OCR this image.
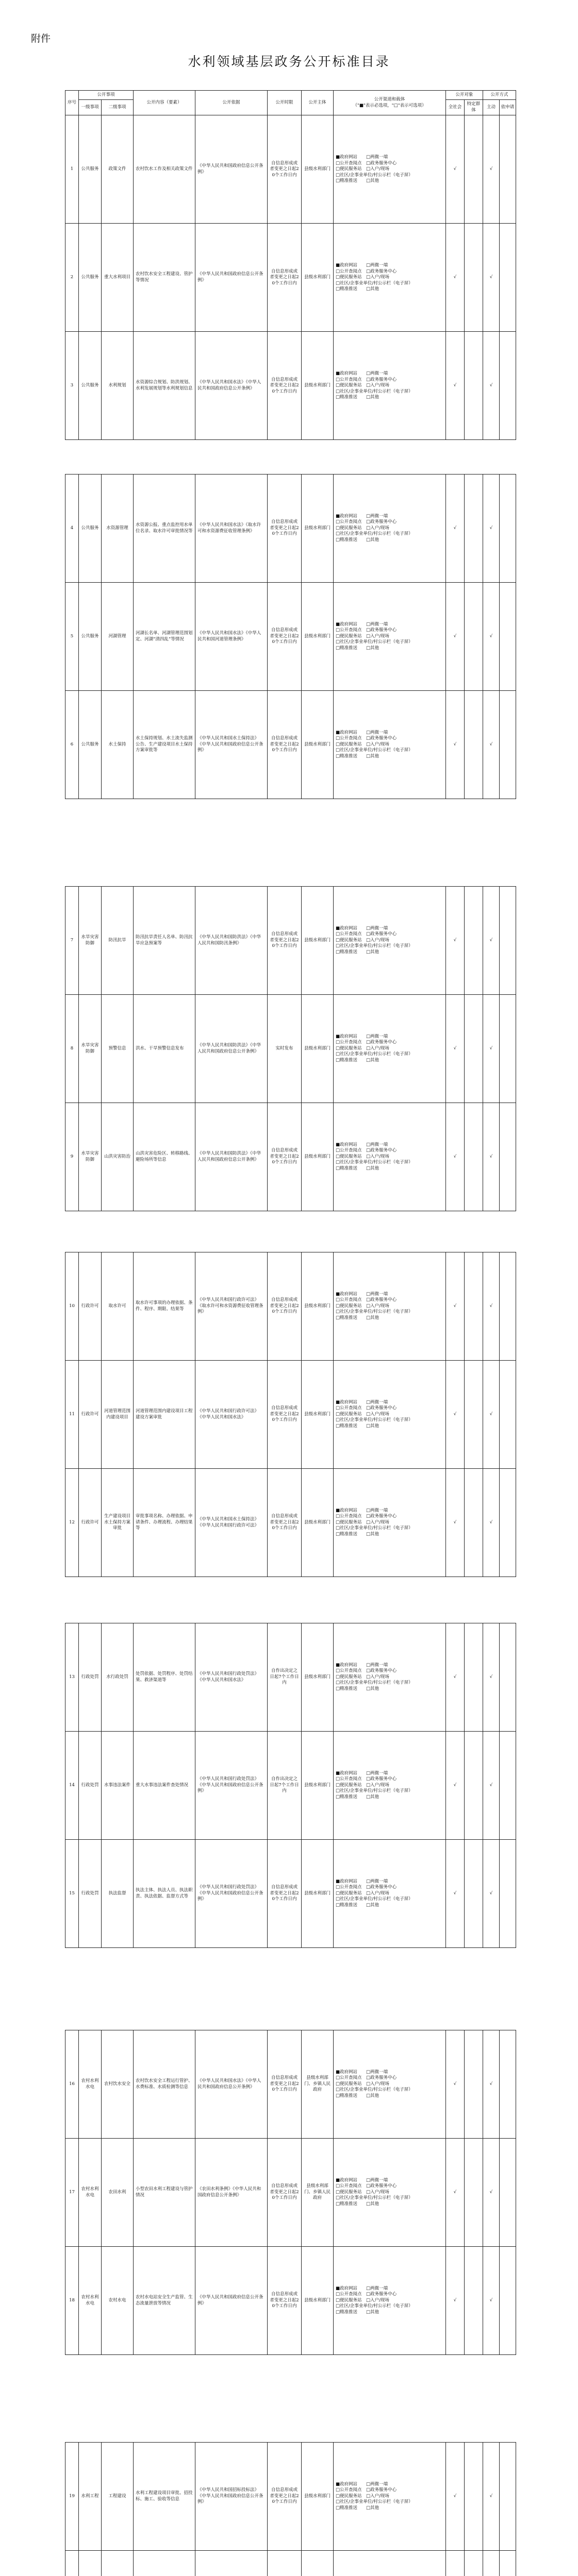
附件
水利领域基层政务公开标准目录
序号	公开事项		公开内容（要素）	公开依据	公开时限	公开主体	公开渠道和载体
（"■"表示必选项，"□"表示可选项）	公开对象		公开方式	
	一级事项	二级事项						全社会	特定群体	主动	依申请
1	公共服务	政策文件	农村饮水工作及相关政策文件	《中华人民共和国政府信息公开条例》	自信息形成或者变更之日起20个工作日内	县级水利部门	■政府网站　　□两微一端
□公开查阅点　□政务服务中心
□便民服务站　□入户/现场
□社区/企事业单位/村公示栏（电子屏）
□精准推送　　□其他	√		√	
2	公共服务	重大水利项目	农村饮水安全工程建设、管护等情况	《中华人民共和国政府信息公开条例》	自信息形成或者变更之日起20个工作日内	县级水利部门	■政府网站　　□两微一端
□公开查阅点　□政务服务中心
□便民服务站　□入户/现场
□社区/企事业单位/村公示栏（电子屏）
□精准推送　　□其他	√		√	
3	公共服务	水利规划	水资源综合规划、防洪规划、水利发展规划等水利规划信息	《中华人民共和国水法》《中华人民共和国政府信息公开条例》	自信息形成或者变更之日起20个工作日内	县级水利部门	■政府网站　　□两微一端
□公开查阅点　□政务服务中心
□便民服务站　□入户/现场
□社区/企事业单位/村公示栏（电子屏）
□精准推送　　□其他	√		√	
4	公共服务	水资源管理	水资源公报、重点监控用水单位名录、取水许可审批情况等	《中华人民共和国水法》《取水许可和水资源费征收管理条例》	自信息形成或者变更之日起20个工作日内	县级水利部门	■政府网站　　□两微一端
□公开查阅点　□政务服务中心
□便民服务站　□入户/现场
□社区/企事业单位/村公示栏（电子屏）
□精准推送　　□其他	√		√	
5	公共服务	河湖管理	河湖长名单、河湖管理范围划定、河湖“清四乱”等情况	《中华人民共和国水法》《中华人民共和国河道管理条例》	自信息形成或者变更之日起20个工作日内	县级水利部门	■政府网站　　□两微一端
□公开查阅点　□政务服务中心
□便民服务站　□入户/现场
□社区/企事业单位/村公示栏（电子屏）
□精准推送　　□其他	√		√	
6	公共服务	水土保持	水土保持规划、水土流失监测公告、生产建设项目水土保持方案审批等	《中华人民共和国水土保持法》《中华人民共和国政府信息公开条例》	自信息形成或者变更之日起20个工作日内	县级水利部门	■政府网站　　□两微一端
□公开查阅点　□政务服务中心
□便民服务站　□入户/现场
□社区/企事业单位/村公示栏（电子屏）
□精准推送　　□其他	√		√	
7	水旱灾害防御	防汛抗旱	防汛抗旱责任人名单、防汛抗旱应急预案等	《中华人民共和国防洪法》《中华人民共和国防汛条例》	自信息形成或者变更之日起20个工作日内	县级水利部门	■政府网站　　□两微一端
□公开查阅点　□政务服务中心
□便民服务站　□入户/现场
□社区/企事业单位/村公示栏（电子屏）
□精准推送　　□其他	√		√	
8	水旱灾害防御	预警信息	洪水、干旱预警信息发布	《中华人民共和国防洪法》《中华人民共和国政府信息公开条例》	实时发布	县级水利部门	■政府网站　　□两微一端
□公开查阅点　□政务服务中心
□便民服务站　□入户/现场
□社区/企事业单位/村公示栏（电子屏）
□精准推送　　□其他	√		√	
9	水旱灾害防御	山洪灾害防治	山洪灾害危险区、转移路线、避险场所等信息	《中华人民共和国防洪法》《中华人民共和国政府信息公开条例》	自信息形成或者变更之日起20个工作日内	县级水利部门	■政府网站　　□两微一端
□公开查阅点　□政务服务中心
□便民服务站　□入户/现场
□社区/企事业单位/村公示栏（电子屏）
□精准推送　　□其他	√		√	
10	行政许可	取水许可	取水许可事项的办理依据、条件、程序、期限、结果等	《中华人民共和国行政许可法》《取水许可和水资源费征收管理条例》	自信息形成或者变更之日起20个工作日内	县级水利部门	■政府网站　　□两微一端
□公开查阅点　□政务服务中心
□便民服务站　□入户/现场
□社区/企事业单位/村公示栏（电子屏）
□精准推送　　□其他	√		√	
11	行政许可	河道管理范围内建设项目	河道管理范围内建设项目工程建设方案审批	《中华人民共和国行政许可法》《中华人民共和国水法》	自信息形成或者变更之日起20个工作日内	县级水利部门	■政府网站　　□两微一端
□公开查阅点　□政务服务中心
□便民服务站　□入户/现场
□社区/企事业单位/村公示栏（电子屏）
□精准推送　　□其他	√		√	
12	行政许可	生产建设项目水土保持方案审批	审批事项名称、办理依据、申请条件、办理流程、办理结果等	《中华人民共和国水土保持法》《中华人民共和国行政许可法》	自信息形成或者变更之日起20个工作日内	县级水利部门	■政府网站　　□两微一端
□公开查阅点　□政务服务中心
□便民服务站　□入户/现场
□社区/企事业单位/村公示栏（电子屏）
□精准推送　　□其他	√		√	
13	行政处罚	水行政处罚	处罚依据、处罚程序、处罚结果、救济渠道等	《中华人民共和国行政处罚法》《中华人民共和国水法》	自作出决定之日起7个工作日内	县级水利部门	■政府网站　　□两微一端
□公开查阅点　□政务服务中心
□便民服务站　□入户/现场
□社区/企事业单位/村公示栏（电子屏）
□精准推送　　□其他	√		√	
14	行政处罚	水事违法案件	重大水事违法案件查处情况	《中华人民共和国行政处罚法》《中华人民共和国政府信息公开条例》	自作出决定之日起7个工作日内	县级水利部门	■政府网站　　□两微一端
□公开查阅点　□政务服务中心
□便民服务站　□入户/现场
□社区/企事业单位/村公示栏（电子屏）
□精准推送　　□其他	√		√	
15	行政处罚	执法监督	执法主体、执法人员、执法职责、执法依据、监督方式等	《中华人民共和国行政处罚法》《中华人民共和国政府信息公开条例》	自信息形成或者变更之日起20个工作日内	县级水利部门	■政府网站　　□两微一端
□公开查阅点　□政务服务中心
□便民服务站　□入户/现场
□社区/企事业单位/村公示栏（电子屏）
□精准推送　　□其他	√		√	
16	农村水利水电	农村饮水安全	农村饮水安全工程运行管护、水费标准、水质检测等信息	《中华人民共和国水法》《中华人民共和国政府信息公开条例》	自信息形成或者变更之日起20个工作日内	县级水利部门、乡镇人民政府	■政府网站　　□两微一端
□公开查阅点　□政务服务中心
□便民服务站　□入户/现场
□社区/企事业单位/村公示栏（电子屏）
□精准推送　　□其他	√		√	
17	农村水利水电	农田水利	小型农田水利工程建设与管护情况	《农田水利条例》《中华人民共和国政府信息公开条例》	自信息形成或者变更之日起20个工作日内	县级水利部门、乡镇人民政府	■政府网站　　□两微一端
□公开查阅点　□政务服务中心
□便民服务站　□入户/现场
□社区/企事业单位/村公示栏（电子屏）
□精准推送　　□其他	√		√	
18	农村水利水电	农村水电	农村水电站安全生产监管、生态流量泄放等情况	《中华人民共和国政府信息公开条例》	自信息形成或者变更之日起20个工作日内	县级水利部门	■政府网站　　□两微一端
□公开查阅点　□政务服务中心
□便民服务站　□入户/现场
□社区/企事业单位/村公示栏（电子屏）
□精准推送　　□其他	√		√	
19	水利工程	工程建设	水利工程建设项目审批、招投标、施工、验收等信息	《中华人民共和国招标投标法》《中华人民共和国政府信息公开条例》	自信息形成或者变更之日起20个工作日内	县级水利部门	■政府网站　　□两微一端
□公开查阅点　□政务服务中心
□便民服务站　□入户/现场
□社区/企事业单位/村公示栏（电子屏）
□精准推送　　□其他	√		√	
